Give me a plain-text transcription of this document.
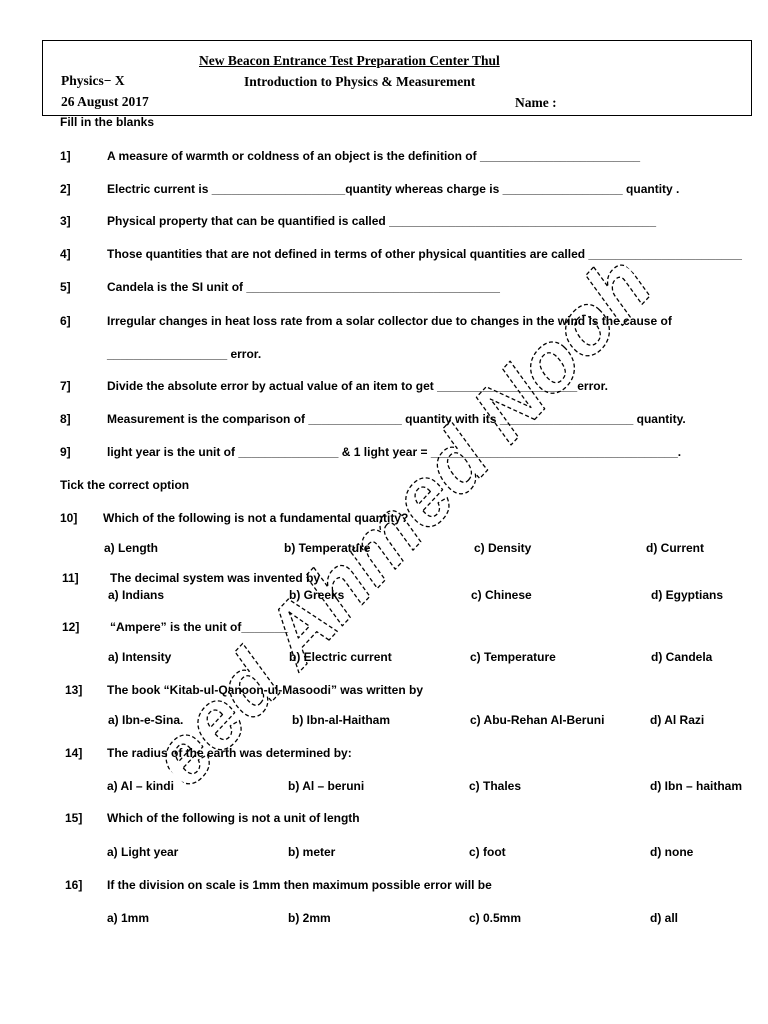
New Beacon Entrance Test Preparation Center Thul
Physics− X	Introduction to Physics & Measurement
26 August 2017	Name :
Fill in the blanks
1]	A measure of warmth or coldness of an object is the definition of ________________________
2]	Electric current is ____________________quantity whereas charge is __________________ quantity .
3]	Physical property that can be quantified is called ________________________________________
4]	Those quantities that are not defined in terms of other physical quantities are called _______________________
5]	Candela is the SI unit of ______________________________________
6]	Irregular changes in heat loss rate from a solar collector due to changes in the wind is the cause of
__________________ error.
7]	Divide the absolute error by actual value of an item to get _____________________error.
8]	Measurement is the comparison of ______________ quantity with its ____________________ quantity.
9]	light year is the unit of _______________ & 1 light year = _____________________________________.
Tick the correct option
10] Which of the following is not a fundamental quantity?
a) Length	b) Temperature	c) Density	d) Current
11]	The decimal system was invented by
a) Indians	b) Greeks	c) Chinese	d) Egyptians
12]	“Ampere” is the unit of_______
a) Intensity	b) Electric current	c) Temperature	d) Candela
13] The book “Kitab-ul-Qanoon-ul-Masoodi” was written by
a) Ibn-e-Sina.	b) Ibn-al-Haitham	c) Abu-Rehan Al-Beruni	d) Al Razi
14] The radius of the earth was determined by:
a) Al – kindi	b) Al – beruni	c) Thales	d) Ibn – haitham
15] Which of the following is not a unit of length
a) Light year	b) meter	c) foot	d) none
16] If the division on scale is 1mm then maximum possible error will be
a) 1mm	b) 2mm	c) 0.5mm	d) all
Saeed Ahmed Noohari
